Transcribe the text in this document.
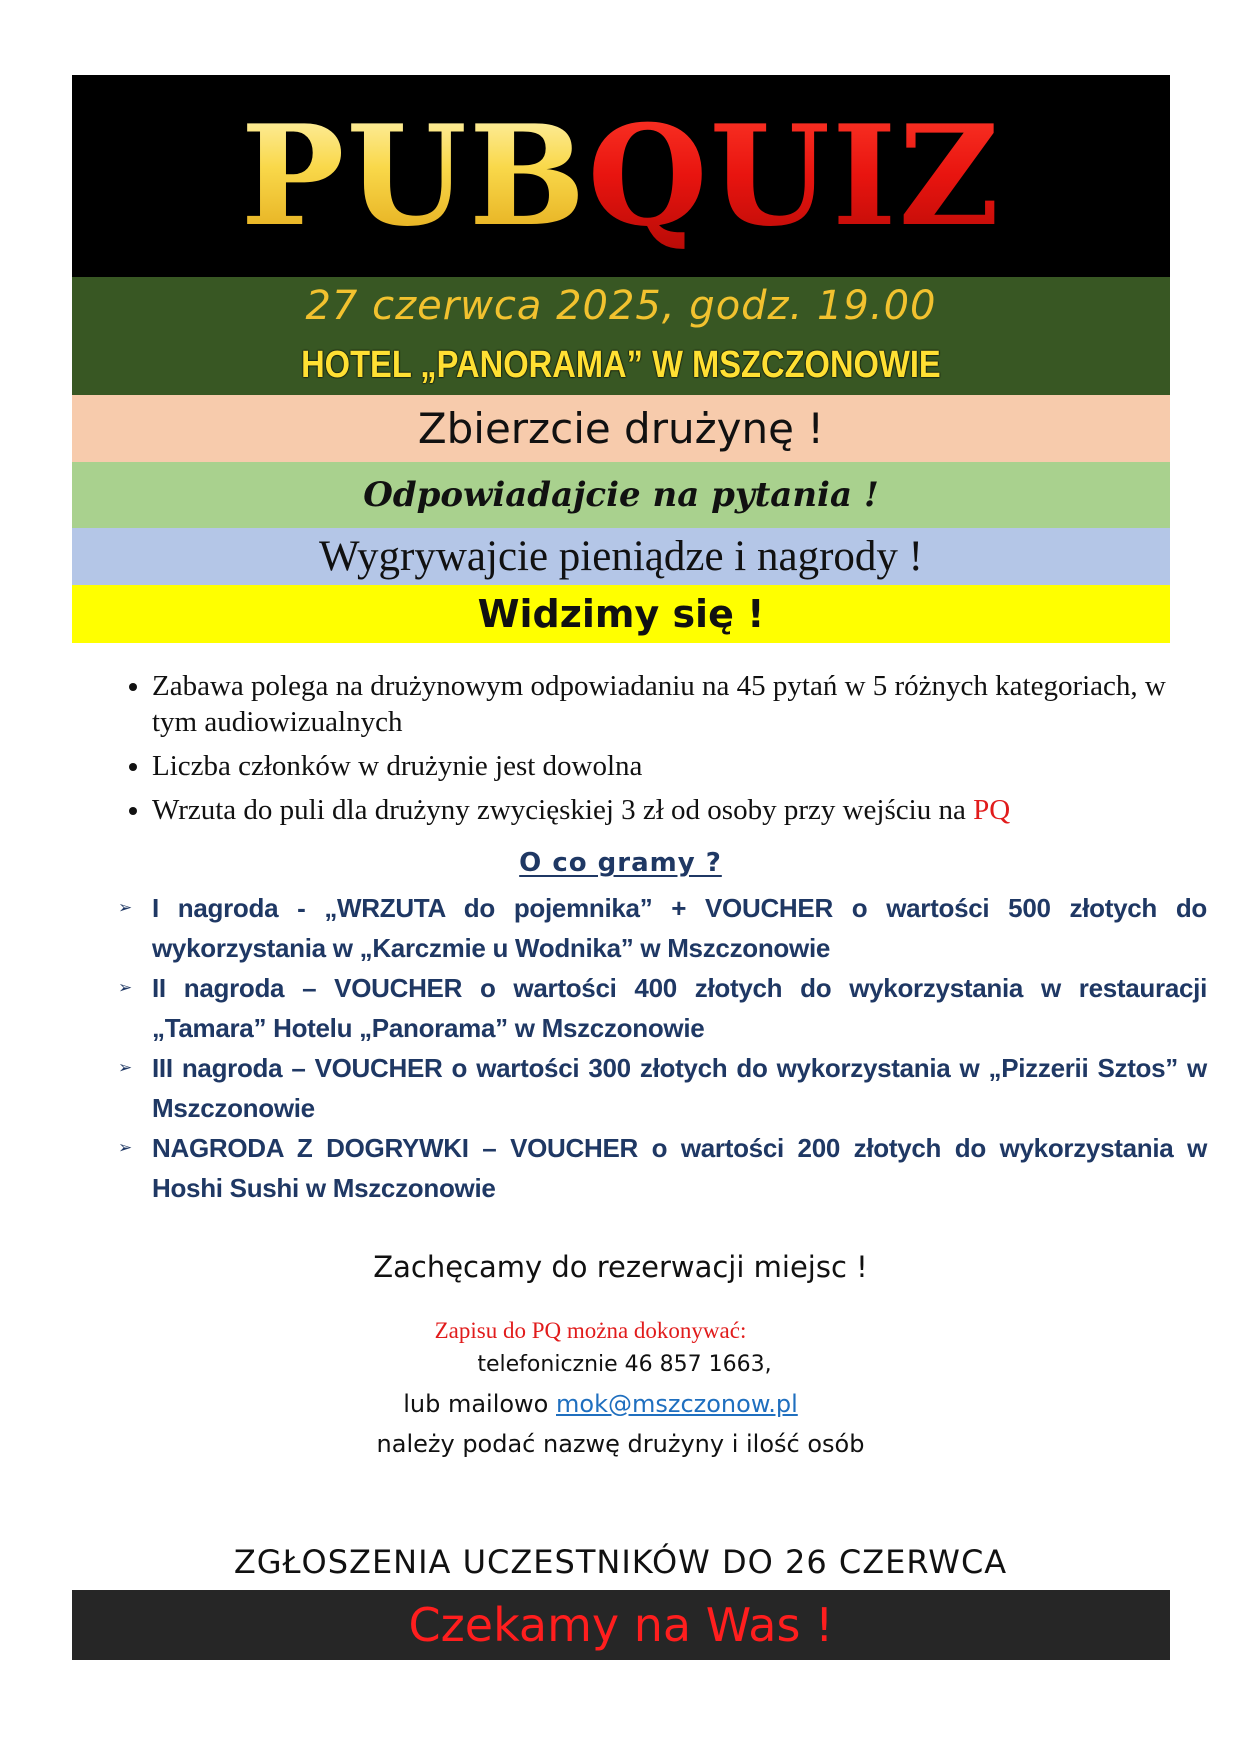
PUBQUIZ
27 czerwca 2025, godz. 19.00
HOTEL „PANORAMA” W MSZCZONOWIE
Zbierzcie drużynę !
Odpowiadajcie na pytania !
Wygrywajcie pieniądze i nagrody !
Widzimy się !
• Zabawa polega na drużynowym odpowiadaniu na 45 pytań w 5 różnych kategoriach, w tym audiowizualnych
• Liczba członków w drużynie jest dowolna
• Wrzuta do puli dla drużyny zwycięskiej 3 zł od osoby przy wejściu na PQ
O co gramy ?
➢ I nagroda - „WRZUTA do pojemnika” + VOUCHER o wartości 500 złotych do wykorzystania w „Karczmie u Wodnika” w Mszczonowie
➢ II nagroda – VOUCHER o wartości 400 złotych do wykorzystania w restauracji „Tamara” Hotelu „Panorama” w Mszczonowie
➢ III nagroda – VOUCHER o wartości 300 złotych do wykorzystania w „Pizzerii Sztos” w Mszczonowie
➢ NAGRODA Z DOGRYWKI – VOUCHER o wartości 200 złotych do wykorzystania w Hoshi Sushi w Mszczonowie
Zachęcamy do rezerwacji miejsc !
Zapisu do PQ można dokonywać:
telefonicznie 46 857 1663,
lub mailowo mok@mszczonow.pl
należy podać nazwę drużyny i ilość osób
ZGŁOSZENIA UCZESTNIKÓW DO 26 CZERWCA
Czekamy na Was !
